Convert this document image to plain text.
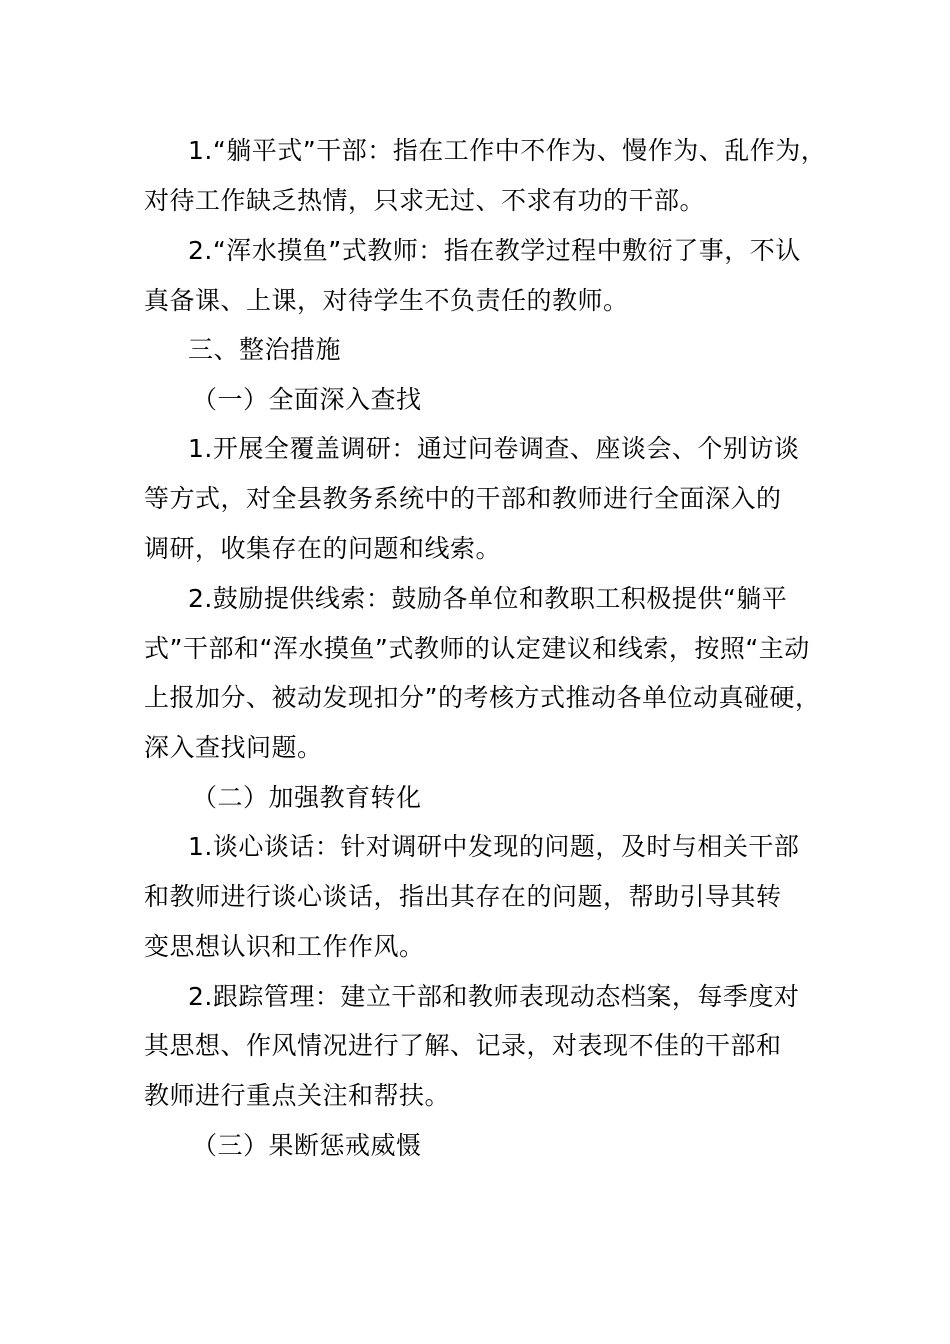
1.“躺平式”干部：指在工作中不作为、慢作为、乱作为，
对待工作缺乏热情，只求无过、不求有功的干部。
2.“浑水摸鱼”式教师：指在教学过程中敷衍了事，不认
真备课、上课，对待学生不负责任的教师。
三、整治措施
（一）全面深入查找
1.开展全覆盖调研：通过问卷调查、座谈会、个别访谈
等方式，对全县教务系统中的干部和教师进行全面深入的
调研，收集存在的问题和线索。
2.鼓励提供线索：鼓励各单位和教职工积极提供“躺平
式”干部和“浑水摸鱼”式教师的认定建议和线索，按照“主动
上报加分、被动发现扣分”的考核方式推动各单位动真碰硬，
深入查找问题。
（二）加强教育转化
1.谈心谈话：针对调研中发现的问题，及时与相关干部
和教师进行谈心谈话，指出其存在的问题，帮助引导其转
变思想认识和工作作风。
2.跟踪管理：建立干部和教师表现动态档案，每季度对
其思想、作风情况进行了解、记录，对表现不佳的干部和
教师进行重点关注和帮扶。
（三）果断惩戒威慑
